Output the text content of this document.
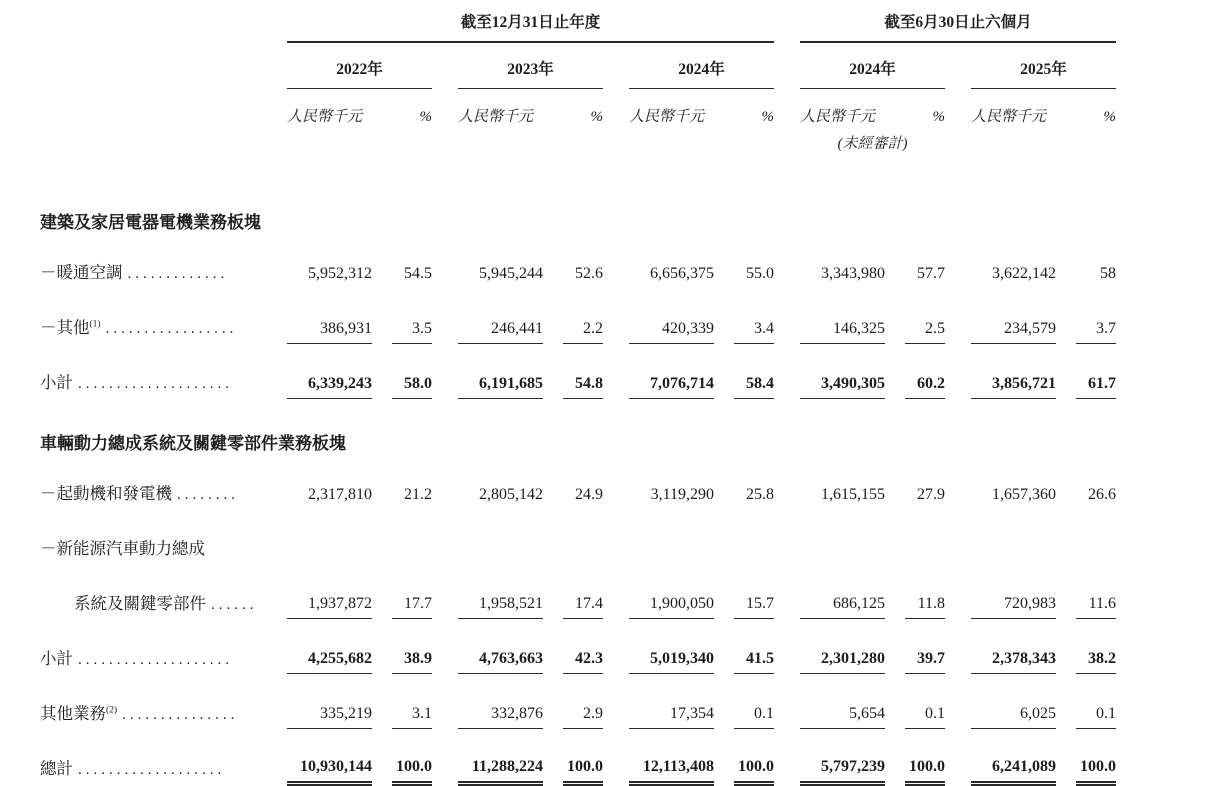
	截至12月31日止年度												截至6月30日止六個月						
	2022年				2023年				2024年				2024年				2025年		
	人民幣千元		%		人民幣千元		%		人民幣千元		%		人民幣千元		%		人民幣千元		%
													(未經審計)						
建築及家居電器電機業務板塊																			
－暖通空調 .............	5,952,312		54.5		5,945,244		52.6		6,656,375		55.0		3,343,980		57.7		3,622,142		58
－其他$^{(1)}$ .................	386,931		3.5		246,441		2.2		420,339		3.4		146,325		2.5		234,579		3.7
小計 ....................	6,339,243		58.0		6,191,685		54.8		7,076,714		58.4		3,490,305		60.2		3,856,721		61.7
車輛動力總成系統及關鍵零部件業務板塊																			
－起動機和發電機 ........	2,317,810		21.2		2,805,142		24.9		3,119,290		25.8		1,615,155		27.9		1,657,360		26.6
－新能源汽車動力總成																			
系統及關鍵零部件 ......	1,937,872		17.7		1,958,521		17.4		1,900,050		15.7		686,125		11.8		720,983		11.6
小計 ....................	4,255,682		38.9		4,763,663		42.3		5,019,340		41.5		2,301,280		39.7		2,378,343		38.2
其他業務$^{(2)}$ ...............	335,219		3.1		332,876		2.9		17,354		0.1		5,654		0.1		6,025		0.1
總計 ...................	10,930,144		100.0		11,288,224		100.0		12,113,408		100.0		5,797,239		100.0		6,241,089		100.0
